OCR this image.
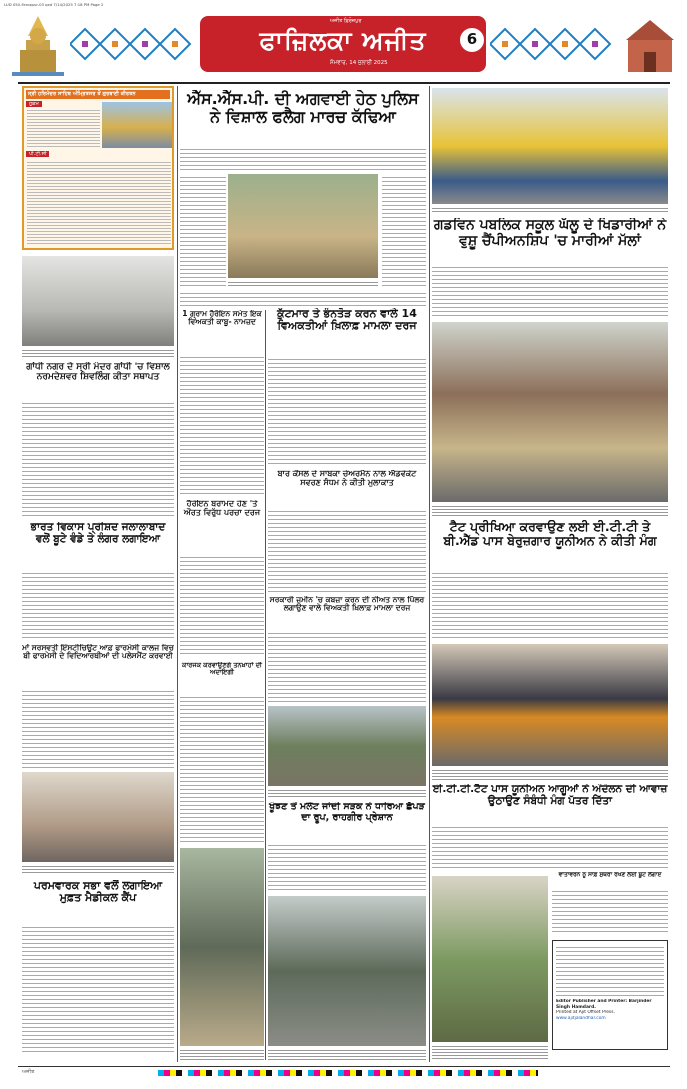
LUD 050-Ferozpur-03 qxd 7/14/2025 7:18 PM Page 2
ਅਜੀਤ ਫ਼ਿਰੋਜ਼ਪੁਰ
ਫਾਜ਼ਿਲਕਾ ਅਜੀਤ
ਸੋਮਵਾਰ, 14 ਜੁਲਾਈ 2025
6
ਸ੍ਰੀ ਹਰਿਮੰਦਰ ਸਾਹਿਬ ਅੰਮ੍ਰਿਤਸਰ ਤੋਂ ਗੁਰਬਾਣੀ ਕੀਰਤਨ
ਹੁਕਮ
ਪੀ.ਟੀ.ਸੀ
ਐੱਸ.ਐੱਸ.ਪੀ. ਦੀ ਅਗਵਾਈ ਹੇਠ ਪੁਲਿਸ ਨੇ ਵਿਸ਼ਾਲ ਫਲੈਗ ਮਾਰਚ ਕੱਢਿਆ
ਗਡਵਿਨ ਪਬਲਿਕ ਸਕੂਲ ਘੱਲੂ ਦੇ ਖਿਡਾਰੀਆਂ ਨੇ ਵੁਸ਼ੂ ਚੈਂਪੀਅਨਸ਼ਿਪ 'ਚ ਮਾਰੀਆਂ ਮੱਲਾਂ
ਗਾਂਧੀ ਨਗਰ ਦੇ ਸ੍ਰੀ ਮੰਦਰ ਗਾਂਧੀ 'ਚ ਵਿਸ਼ਾਲ ਨਰਮਦੇਸ਼ਵਰ ਸ਼ਿਵਲਿੰਗ ਕੀਤਾ ਸਥਾਪਤ
1 ਗ੍ਰਾਮ ਹੈਰੋਇਨ ਸਮੇਤ ਇਕ ਵਿਅਕਤੀ ਕਾਬੂ- ਨਾਮਜ਼ਦ
ਕੁੱਟਮਾਰ ਤੇ ਭੰਨਤੋੜ ਕਰਨ ਵਾਲੇ 14 ਵਿਅਕਤੀਆਂ ਖ਼ਿਲਾਫ਼ ਮਾਮਲਾ ਦਰਜ
ਬਾਰ ਕੌਂਸਲ ਦੇ ਸਾਬਕਾ ਚੇਅਰਮੈਨ ਨਾਲ ਐਡਵੋਕੇਟ ਸਵਰਣ ਸੰਧਮ ਨੇ ਕੀਤੀ ਮੁਲਾਕਾਤ
ਟੈਟ ਪ੍ਰੀਖਿਆ ਕਰਵਾਉਣ ਲਈ ਈ.ਟੀ.ਟੀ ਤੇ ਬੀ.ਐੱਡ ਪਾਸ ਬੇਰੁਜ਼ਗਾਰ ਯੂਨੀਅਨ ਨੇ ਕੀਤੀ ਮੰਗ
ਭਾਰਤ ਵਿਕਾਸ ਪ੍ਰੀਸ਼ਦ ਜਲਾਲਾਬਾਦ ਵਲੋਂ ਬੂਟੇ ਵੰਡੇ ਤੇ ਲੰਗਰ ਲਗਾਇਆ
ਹੈਰੋਇਨ ਬਰਾਮਦ ਹੋਣ 'ਤੇ ਔਰਤ ਵਿਰੁੱਧ ਪਰਚਾ ਦਰਜ
ਸਰਕਾਰੀ ਜ਼ਮੀਨ 'ਚ ਕਬਜ਼ਾ ਕਰਨ ਦੀ ਨੀਅਤ ਨਾਲ ਪਿੱਲਰ ਲਗਾਉਣ ਵਾਲੇ ਵਿਅਕਤੀ ਖ਼ਿਲਾਫ਼ ਮਾਮਲਾ ਦਰਜ
ਮਾਂ ਸਰਸਵਤੀ ਇੰਸਟੀਚਿਊਟ ਆਫ਼ ਫਾਰਮੇਸੀ ਕਾਲਜ ਵਿਚ ਬੀ ਫਾਰਮੇਸੀ ਦੇ ਵਿਦਿਆਰਥੀਆਂ ਦੀ ਪਲੇਸਮੈਂਟ ਕਰਵਾਈ
ਕਾਰਜਕ ਕਰਵਾਉਣਗੇ ਤਨਖ਼ਾਹਾਂ ਦੀ ਅਦਾਇਗੀ
ਖੂੰਝਣ ਤੋਂ ਮਲੋਟ ਜਾਂਦੀ ਸੜਕ ਨੇ ਧਾਰਿਆ ਛੱਪੜ ਦਾ ਰੂਪ, ਰਾਹਗੀਰ ਪ੍ਰੇਸ਼ਾਨ
ਈ.ਟੀ.ਟੀ.ਟੈਟ ਪਾਸ ਯੂਨੀਅਨ ਆਗੂਆਂ ਨੇ ਅੰਦੋਲਨ ਦੀ ਆਵਾਜ਼ ਉਠਾਉਣ ਸੰਬੰਧੀ ਮੰਗ ਪੱਤਰ ਦਿੱਤਾ
ਵਾਤਾਵਰਨ ਨੂੰ ਸਾਫ਼ ਸੁਥਰਾ ਰੱਖਣ ਲਈ ਬੂਟੇ ਲਗਾਏ
ਪਰਮਵਾਰਕ ਸਭਾ ਵਲੋਂ ਲਗਾਇਆ ਮੁਫ਼ਤ ਮੈਡੀਕਲ ਕੈਂਪ
Editor Publisher and Printer: Barjinder Singh Hamdard.
Printed at Ajit Offset Press.
www.ajitjalandhar.com
ਅਜੀਤ
